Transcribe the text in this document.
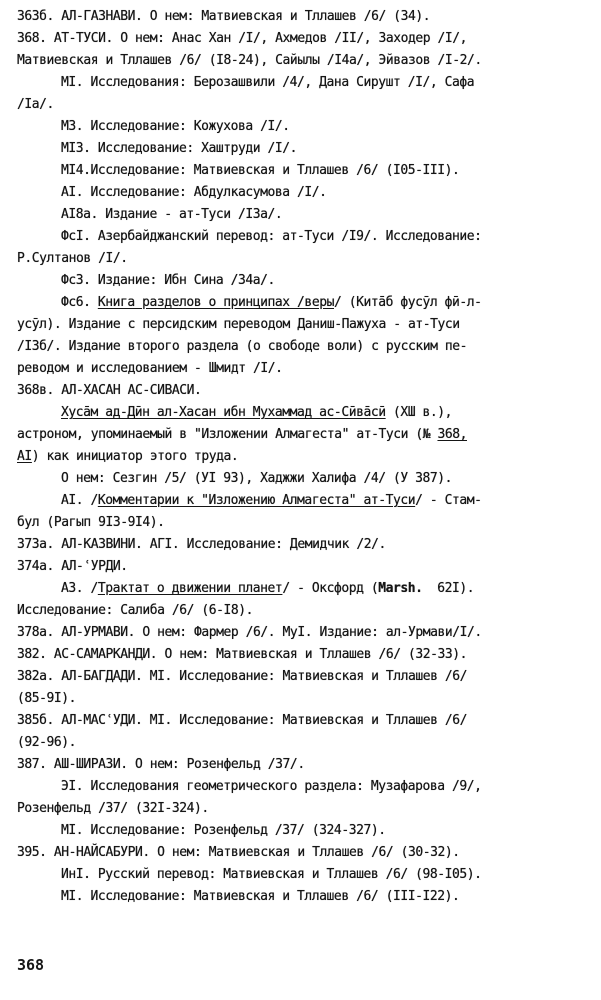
363б. АЛ-ГАЗНАВИ. О нем: Матвиевская и Тллашев /6/ (34).
368. АТ-ТУСИ. О нем: Анас Хан /I/, Ахмедов /II/, Заходер /I/,
Матвиевская и Тллашев /6/ (I8-24), Сайылы /I4а/, Эйвазов /I-2/.
MI. Исследования: Берозашвили /4/, Дана Сирушт /I/, Сафа
/Iа/.
МЗ. Исследование: Кожухова /I/.
MI3. Исследование: Хаштруди /I/.
MI4.Исследование: Матвиевская и Тллашев /6/ (I05-III).
AI. Исследование: Абдулкасумова /I/.
AI8а. Издание - ат-Туси /I3а/.
ФсI. Азербайджанский перевод: ат-Туси /I9/. Исследование:
Р.Султанов /I/.
ФсЗ. Издание: Ибн Сина /34а/.
Фс6. Книга разделов о принципах /веры/ (Китāб фусӯл фӣ-л-
усӯл). Издание с персидским переводом Даниш-Пажуха - ат-Туси
/I3б/. Издание второго раздела (о свободе воли) с русским пе-
реводом и исследованием - Шмидт /I/.
368в. АЛ-ХАСАН АС-СИВАСИ.
Хусāм ад-Дӣн ал-Хасан ибн Мухаммад ас-Сӣвāсӣ (ХШ в.),
астроном, упоминаемый в "Изложении Алмагеста" ат-Туси (№ 368,
AI) как инициатор этого труда.
О нем: Сезгин /5/ (УI 93), Хаджжи Халифа /4/ (У 387).
AI. /Комментарии к "Изложению Алмагеста" ат-Туси/ - Стам-
бул (Рагып 9I3-9I4).
373а. АЛ-КАЗВИНИ. АГI. Исследование: Демидчик /2/.
374а. АЛ-ʿУРДИ.
АЗ. /Трактат о движении планет/ - Оксфорд (Marsh.  62I).
Исследование: Салиба /6/ (6-I8).
378а. АЛ-УРМАВИ. О нем: Фармер /6/. МуI. Издание: ал-Урмави/I/.
382. АС-САМАРКАНДИ. О нем: Матвиевская и Тллашев /6/ (32-33).
382а. АЛ-БАГДАДИ. MI. Исследование: Матвиевская и Тллашев /6/
(85-9I).
385б. АЛ-МАСʿУДИ. MI. Исследование: Матвиевская и Тллашев /6/
(92-96).
387. АШ-ШИРАЗИ. О нем: Розенфельд /37/.
ЭI. Исследования геометрического раздела: Музафарова /9/,
Розенфельд /37/ (32I-324).
MI. Исследование: Розенфельд /37/ (324-327).
395. АН-НАЙСАБУРИ. О нем: Матвиевская и Тллашев /6/ (30-32).
ИнI. Русский перевод: Матвиевская и Тллашев /6/ (98-I05).
MI. Исследование: Матвиевская и Тллашев /6/ (III-I22).
368
